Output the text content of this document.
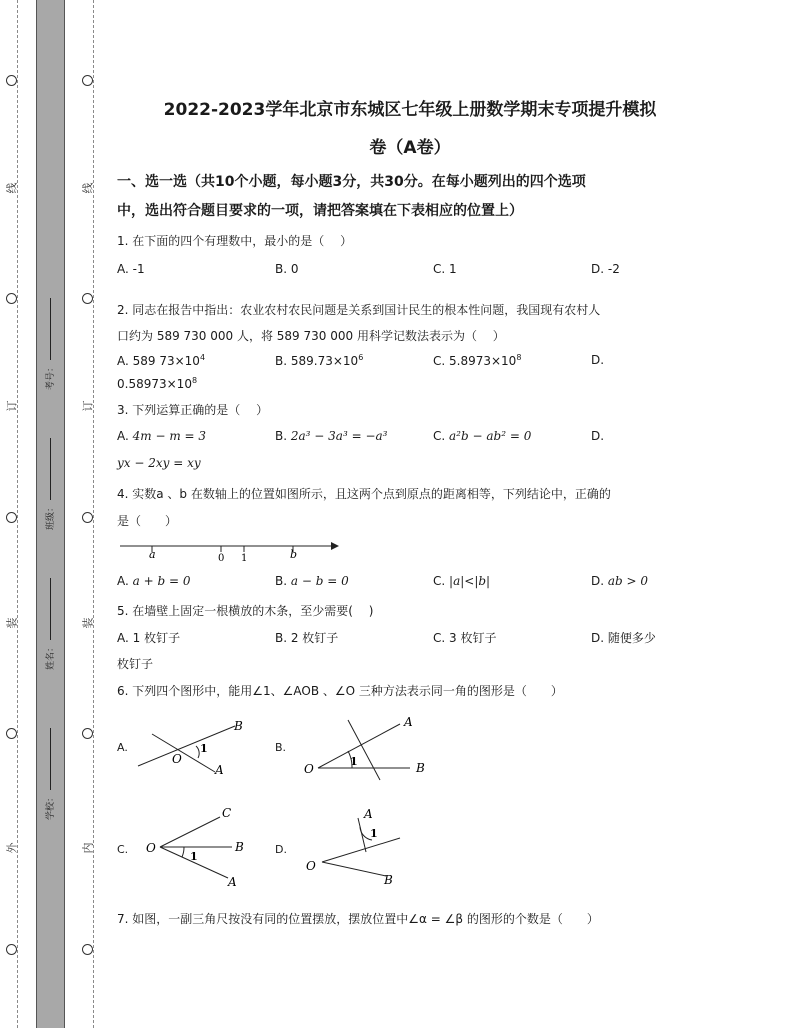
线
订
装
外
线
订
装
内
考号：
班级：
姓名：
学校：
2022-2023学年北京市东城区七年级上册数学期末专项提升模拟
卷（A卷）
一、选一选（共10个小题，每小题3分，共30分。在每小题列出的四个选项
中，选出符合题目要求的一项，请把答案填在下表相应的位置上）
1. 在下面的四个有理数中，最小的是（　 ）
A. -1	B. 0	C. 1	D. -2
2. 同志在报告中指出：农业农村农民问题是关系到国计民生的根本性问题，我国现有农村人
口约为 589 730 000 人，将 589 730 000 用科学记数法表示为（　 ）
A. 589 $73\times 10^4$	B. $589.73\times 10^6$	C. $5.8973\times 10^8$	D.
$0.58973\times 10^8$
3. 下列运算正确的是（　 ）
A. 4m − m = 3	B. 2a³ − 3a³ = −a³	C. a²b − ab² = 0	D.
yx − 2xy = xy
4. 实数a 、b 在数轴上的位置如图所示，且这两个点到原点的距离相等，下列结论中，正确的
是（　　）
a	0 1	b
A. a + b = 0	B. a − b = 0	C. |a|<|b|	D. ab > 0
5. 在墙壁上固定一根横放的木条，至少需要(　 )
A. 1 枚钉子	B. 2 枚钉子	C. 3 枚钉子	D. 随便多少
枚钉子
6. 下列四个图形中，能用∠1、∠AOB 、∠O 三种方法表示同一角的图形是（　　）
A.
O
1
B
A
B.
O
1
A
B
C. O
1
C
B
A
D.
O
1
A
B
7. 如图，一副三角尺按没有同的位置摆放，摆放位置中∠α = ∠β 的图形的个数是（　　）
